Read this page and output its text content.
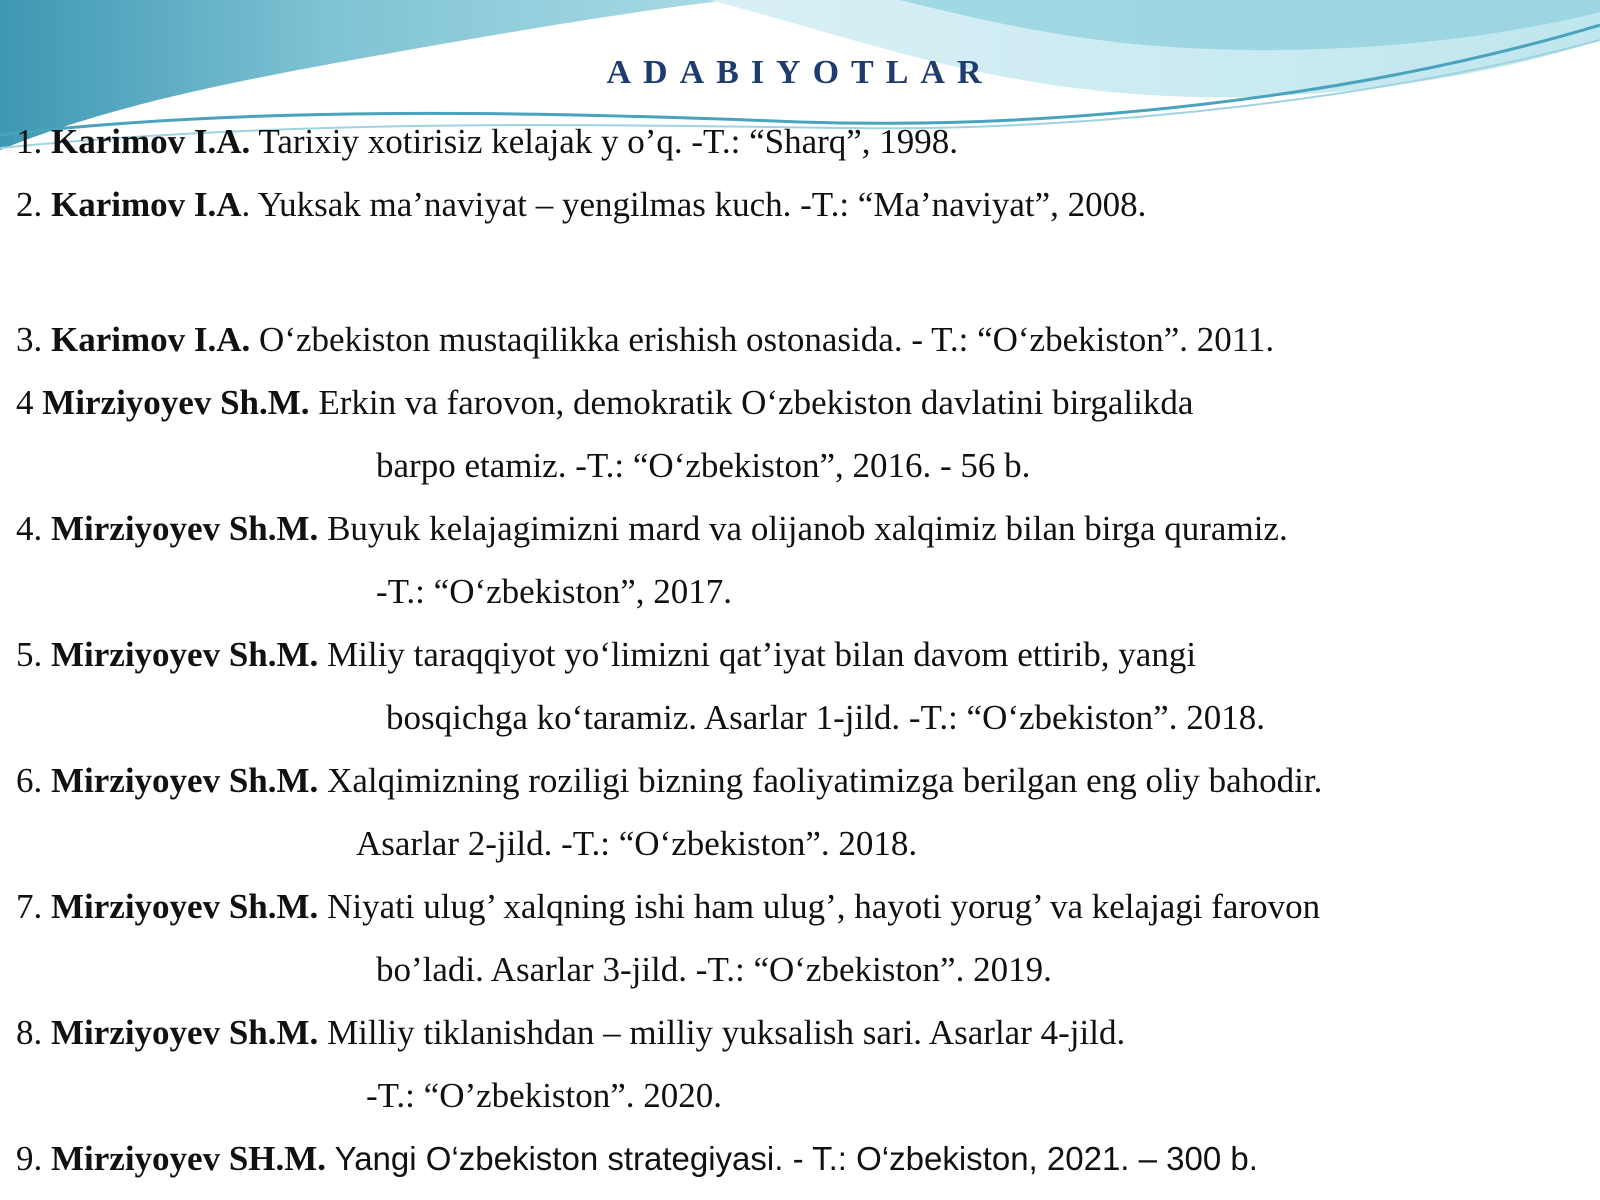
ADABIYOTLAR
1. Karimov I.A. Tarixiy xotirisiz kelajak y o’q. -T.: “Sharq”, 1998.
2. Karimov I.A. Yuksak ma’naviyat – yengilmas kuch. -T.: “Ma’naviyat”, 2008.
3. Karimov I.A. O‘zbekiston mustaqilikka erishish ostonasida. - T.: “O‘zbekiston”. 2011.
4 Mirziyoyev Sh.M. Erkin va farovon, demokratik O‘zbekiston davlatini birgalikda
barpo etamiz. -T.: “O‘zbekiston”, 2016. - 56 b.
4. Mirziyoyev Sh.M. Buyuk kelajagimizni mard va olijanob xalqimiz bilan birga quramiz.
-T.: “O‘zbekiston”, 2017.
5. Mirziyoyev Sh.M. Miliy taraqqiyot yo‘limizni qat’iyat bilan davom ettirib, yangi
bosqichga ko‘taramiz. Asarlar 1-jild. -T.: “O‘zbekiston”. 2018.
6. Mirziyoyev Sh.M. Xalqimizning roziligi bizning faoliyatimizga berilgan eng oliy bahodir.
Asarlar 2-jild. -T.: “O‘zbekiston”. 2018.
7. Mirziyoyev Sh.M. Niyati ulug’ xalqning ishi ham ulug’, hayoti yorug’ va kelajagi farovon
bo’ladi. Asarlar 3-jild. -T.: “O‘zbekiston”. 2019.
8. Mirziyoyev Sh.M. Milliy tiklanishdan – milliy yuksalish sari. Asarlar 4-jild.
-T.: “O’zbekiston”. 2020.
9. Mirziyoyev SH.M. Yangi O‘zbekiston strategiyasi. - T.: O‘zbekiston, 2021. – 300 b.
